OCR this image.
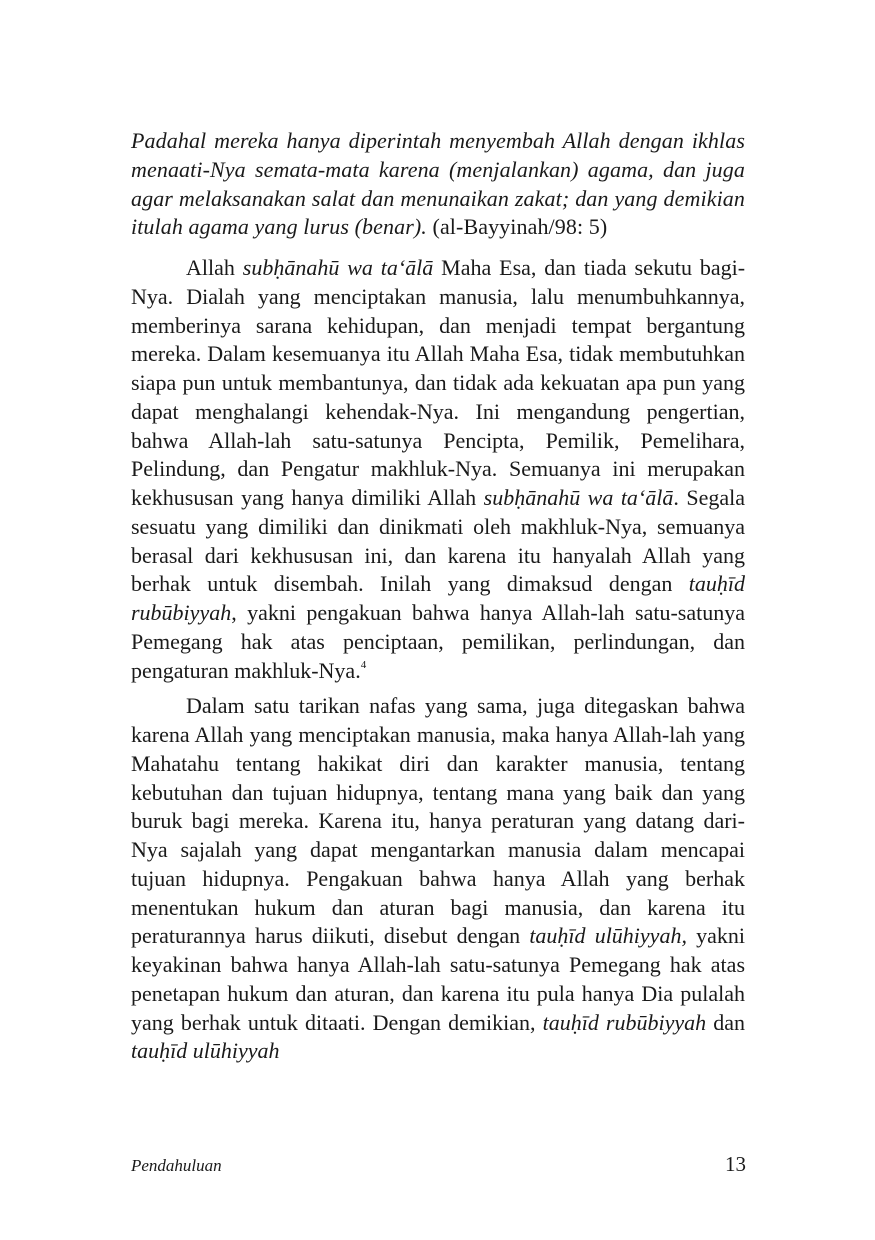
Padahal mereka hanya diperintah menyembah Allah dengan ikhlas menaati-Nya semata-mata karena (menjalankan) agama, dan juga agar melaksanakan salat dan menunaikan zakat; dan yang demikian itulah agama yang lurus (benar). (al-Bayyinah/98: 5)

Allah subḥānahū wa ta‘ālā Maha Esa, dan tiada sekutu bagi-Nya. Dialah yang menciptakan manusia, lalu menumbuhkannya, memberinya sarana kehidupan, dan menjadi tempat bergantung mereka. Dalam kesemuanya itu Allah Maha Esa, tidak membutuhkan siapa pun untuk membantunya, dan tidak ada kekuatan apa pun yang dapat menghalangi kehendak-Nya. Ini mengandung pengertian, bahwa Allah-lah satu-satunya Pencipta, Pemilik, Pemelihara, Pelindung, dan Pengatur makhluk-Nya. Semuanya ini merupakan kekhususan yang hanya dimiliki Allah subḥānahū wa ta‘ālā. Segala sesuatu yang dimiliki dan dinikmati oleh makhluk-Nya, semuanya berasal dari kekhususan ini, dan karena itu hanyalah Allah yang berhak untuk disembah. Inilah yang dimaksud dengan tauḥīd rubūbiyyah, yakni pengakuan bahwa hanya Allah-lah satu-satunya Pemegang hak atas penciptaan, pemilikan, perlindungan, dan pengaturan makhluk-Nya.$^4$

Dalam satu tarikan nafas yang sama, juga ditegaskan bahwa karena Allah yang menciptakan manusia, maka hanya Allah-lah yang Mahatahu tentang hakikat diri dan karakter manusia, tentang kebutuhan dan tujuan hidupnya, tentang mana yang baik dan yang buruk bagi mereka. Karena itu, hanya peraturan yang datang dari-Nya sajalah yang dapat mengantarkan manusia dalam mencapai tujuan hidupnya. Pengakuan bahwa hanya Allah yang berhak menentukan hukum dan aturan bagi manusia, dan karena itu peraturannya harus diikuti, disebut dengan tauḥīd ulūhiyyah, yakni keyakinan bahwa hanya Allah-lah satu-satunya Pemegang hak atas penetapan hukum dan aturan, dan karena itu pula hanya Dia pulalah yang berhak untuk ditaati. Dengan demikian, tauḥīd rubūbiyyah dan tauḥīd ulūhiyyah

Pendahuluan	13
